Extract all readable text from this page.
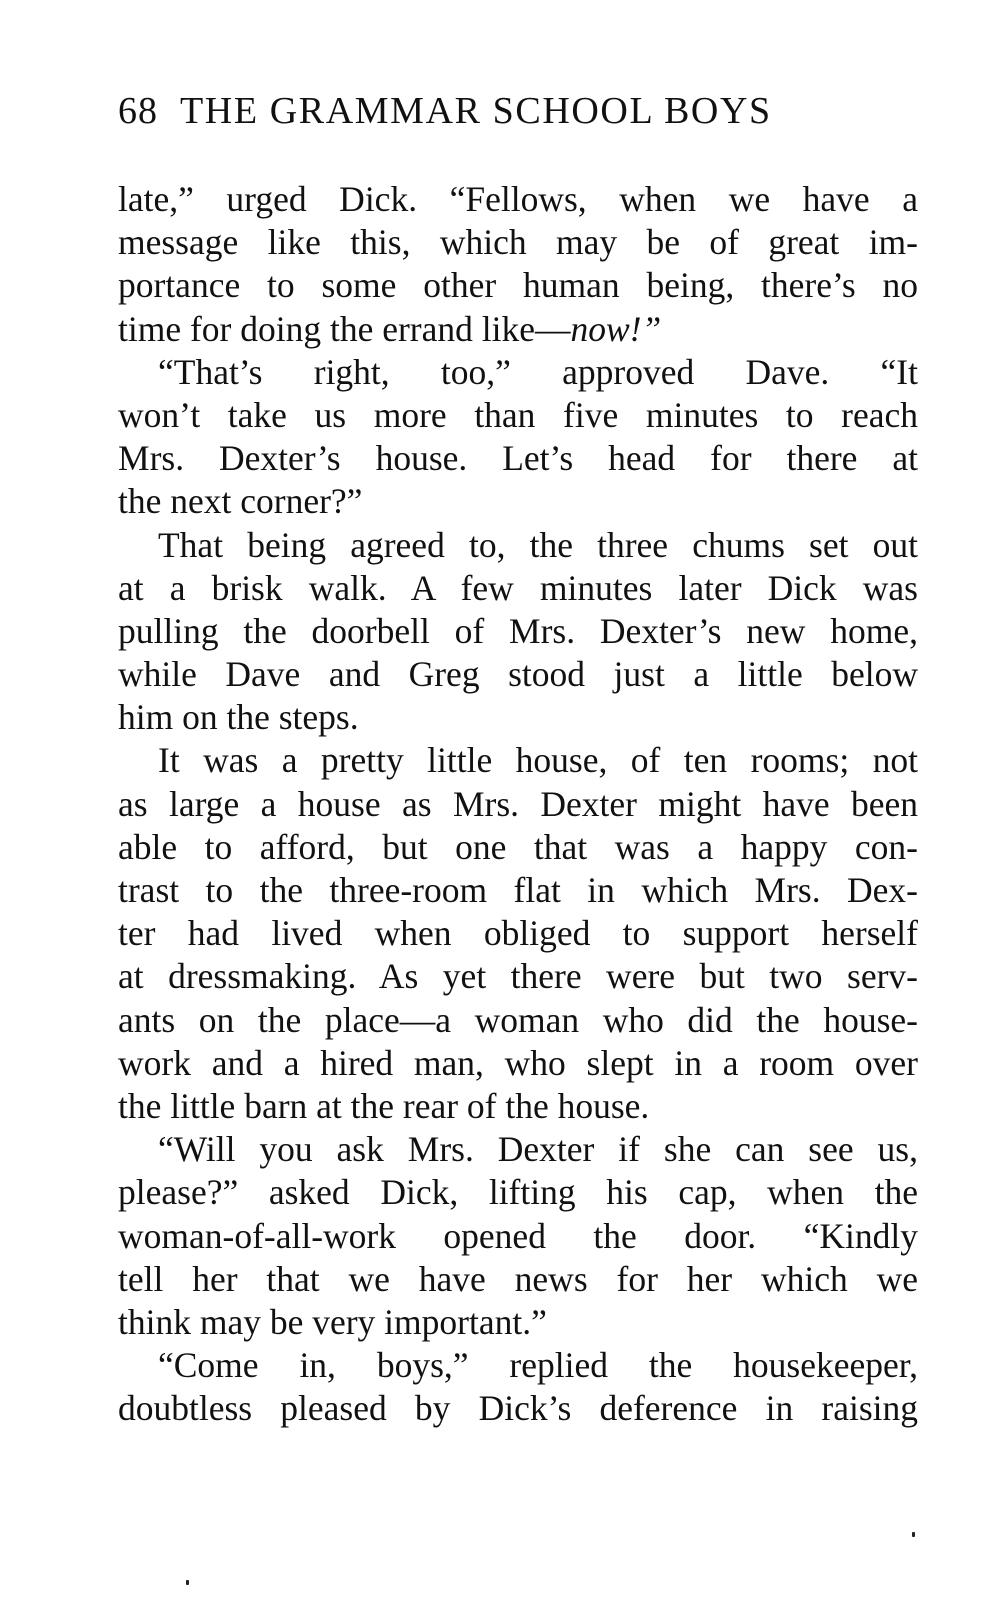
68 THE GRAMMAR SCHOOL BOYS
late,” urged Dick. “Fellows, when we have a
message like this, which may be of great im-
portance to some other human being, there’s no
time for doing the errand like—now!”
“That’s right, too,” approved Dave. “It
won’t take us more than five minutes to reach
Mrs. Dexter’s house. Let’s head for there at
the next corner?”
That being agreed to, the three chums set out
at a brisk walk. A few minutes later Dick was
pulling the doorbell of Mrs. Dexter’s new home,
while Dave and Greg stood just a little below
him on the steps.
It was a pretty little house, of ten rooms; not
as large a house as Mrs. Dexter might have been
able to afford, but one that was a happy con-
trast to the three-room flat in which Mrs. Dex-
ter had lived when obliged to support herself
at dressmaking. As yet there were but two serv-
ants on the place—a woman who did the house-
work and a hired man, who slept in a room over
the little barn at the rear of the house.
“Will you ask Mrs. Dexter if she can see us,
please?” asked Dick, lifting his cap, when the
woman-of-all-work opened the door. “Kindly
tell her that we have news for her which we
think may be very important.”
“Come in, boys,” replied the housekeeper,
doubtless pleased by Dick’s deference in raising
